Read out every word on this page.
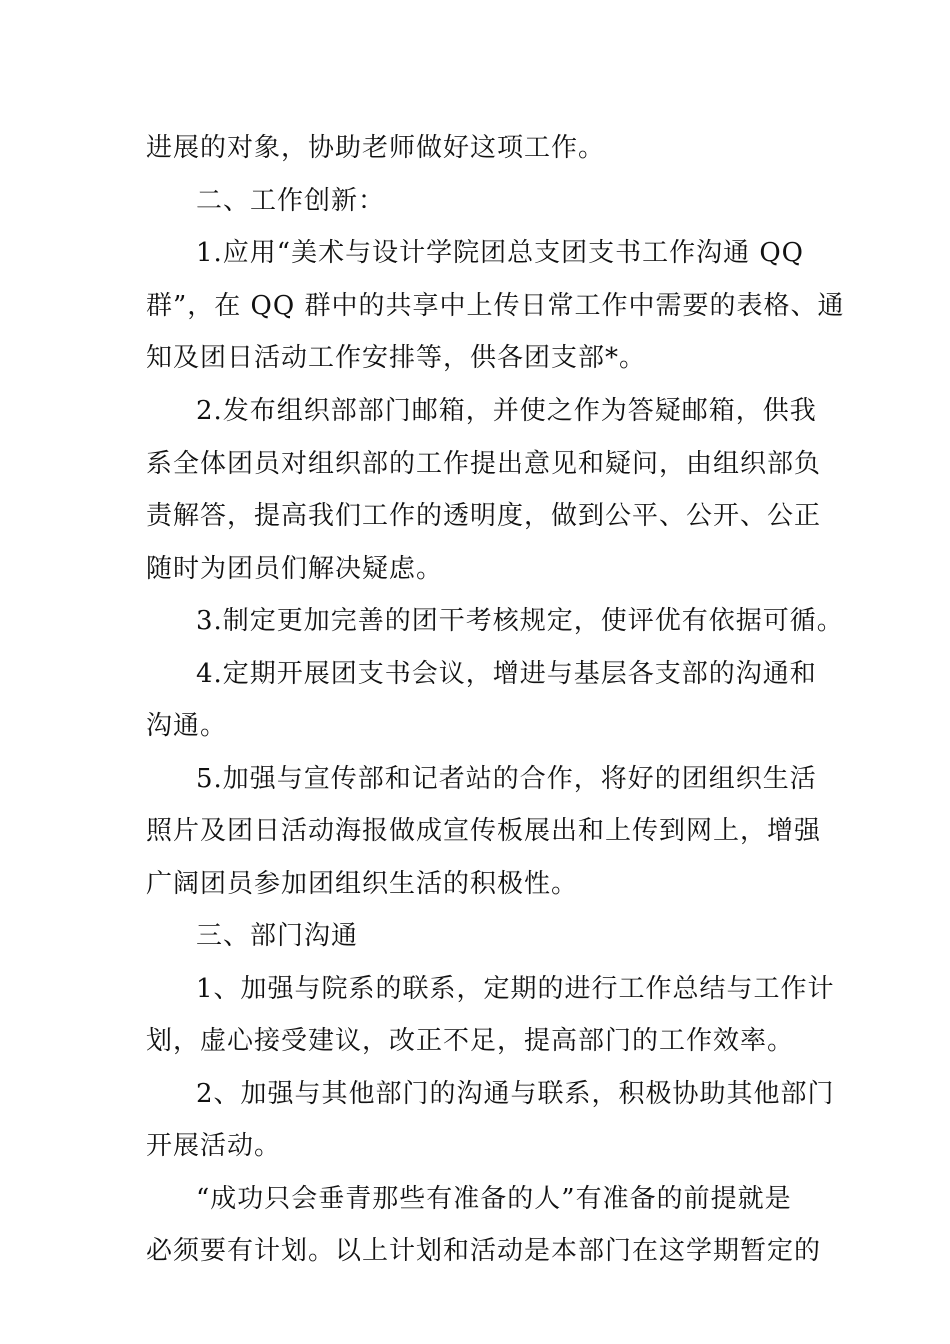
进展的对象，协助老师做好这项工作。
二、工作创新：
1.应用“美术与设计学院团总支团支书工作沟通 QQ
群”，在 QQ 群中的共享中上传日常工作中需要的表格、通
知及团日活动工作安排等，供各团支部*。
2.发布组织部部门邮箱，并使之作为答疑邮箱，供我
系全体团员对组织部的工作提出意见和疑问，由组织部负
责解答，提高我们工作的透明度，做到公平、公开、公正
随时为团员们解决疑虑。
3.制定更加完善的团干考核规定，使评优有依据可循。
4.定期开展团支书会议，增进与基层各支部的沟通和
沟通。
5.加强与宣传部和记者站的合作，将好的团组织生活
照片及团日活动海报做成宣传板展出和上传到网上，增强
广阔团员参加团组织生活的积极性。
三、部门沟通
1、加强与院系的联系，定期的进行工作总结与工作计
划，虚心接受建议，改正不足，提高部门的工作效率。
2、加强与其他部门的沟通与联系，积极协助其他部门
开展活动。
“成功只会垂青那些有准备的人”有准备的前提就是
必须要有计划。以上计划和活动是本部门在这学期暂定的
